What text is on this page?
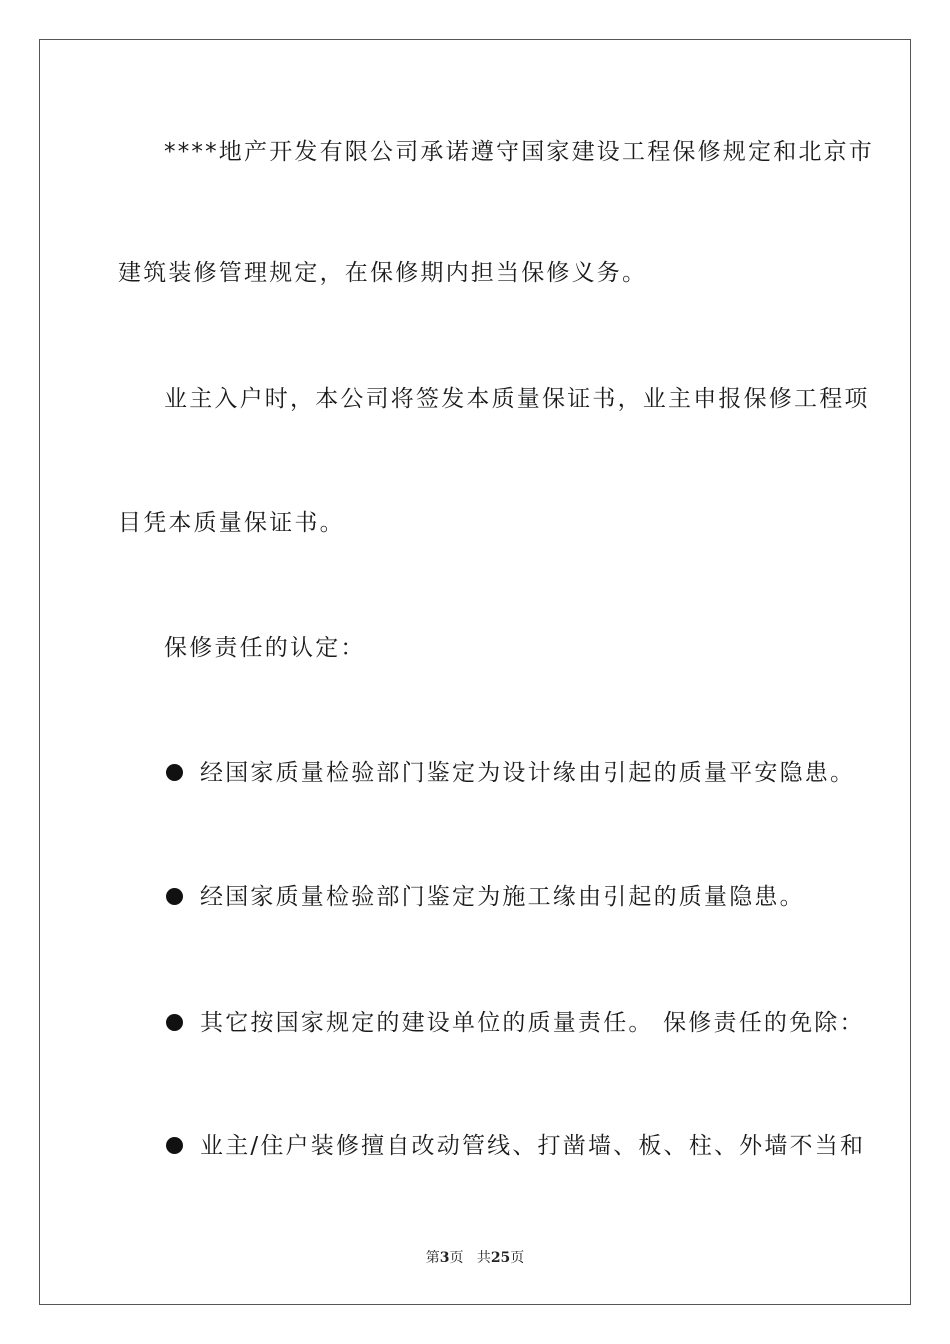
****地产开发有限公司承诺遵守国家建设工程保修规定和北京市
建筑装修管理规定，在保修期内担当保修义务。
业主入户时，本公司将签发本质量保证书，业主申报保修工程项
目凭本质量保证书。
保修责任的认定：
经国家质量检验部门鉴定为设计缘由引起的质量平安隐患。
经国家质量检验部门鉴定为施工缘由引起的质量隐患。
其它按国家规定的建设单位的质量责任。 保修责任的免除：
业主/住户装修擅自改动管线、打凿墙、板、柱、外墙不当和
第3页 共25页
